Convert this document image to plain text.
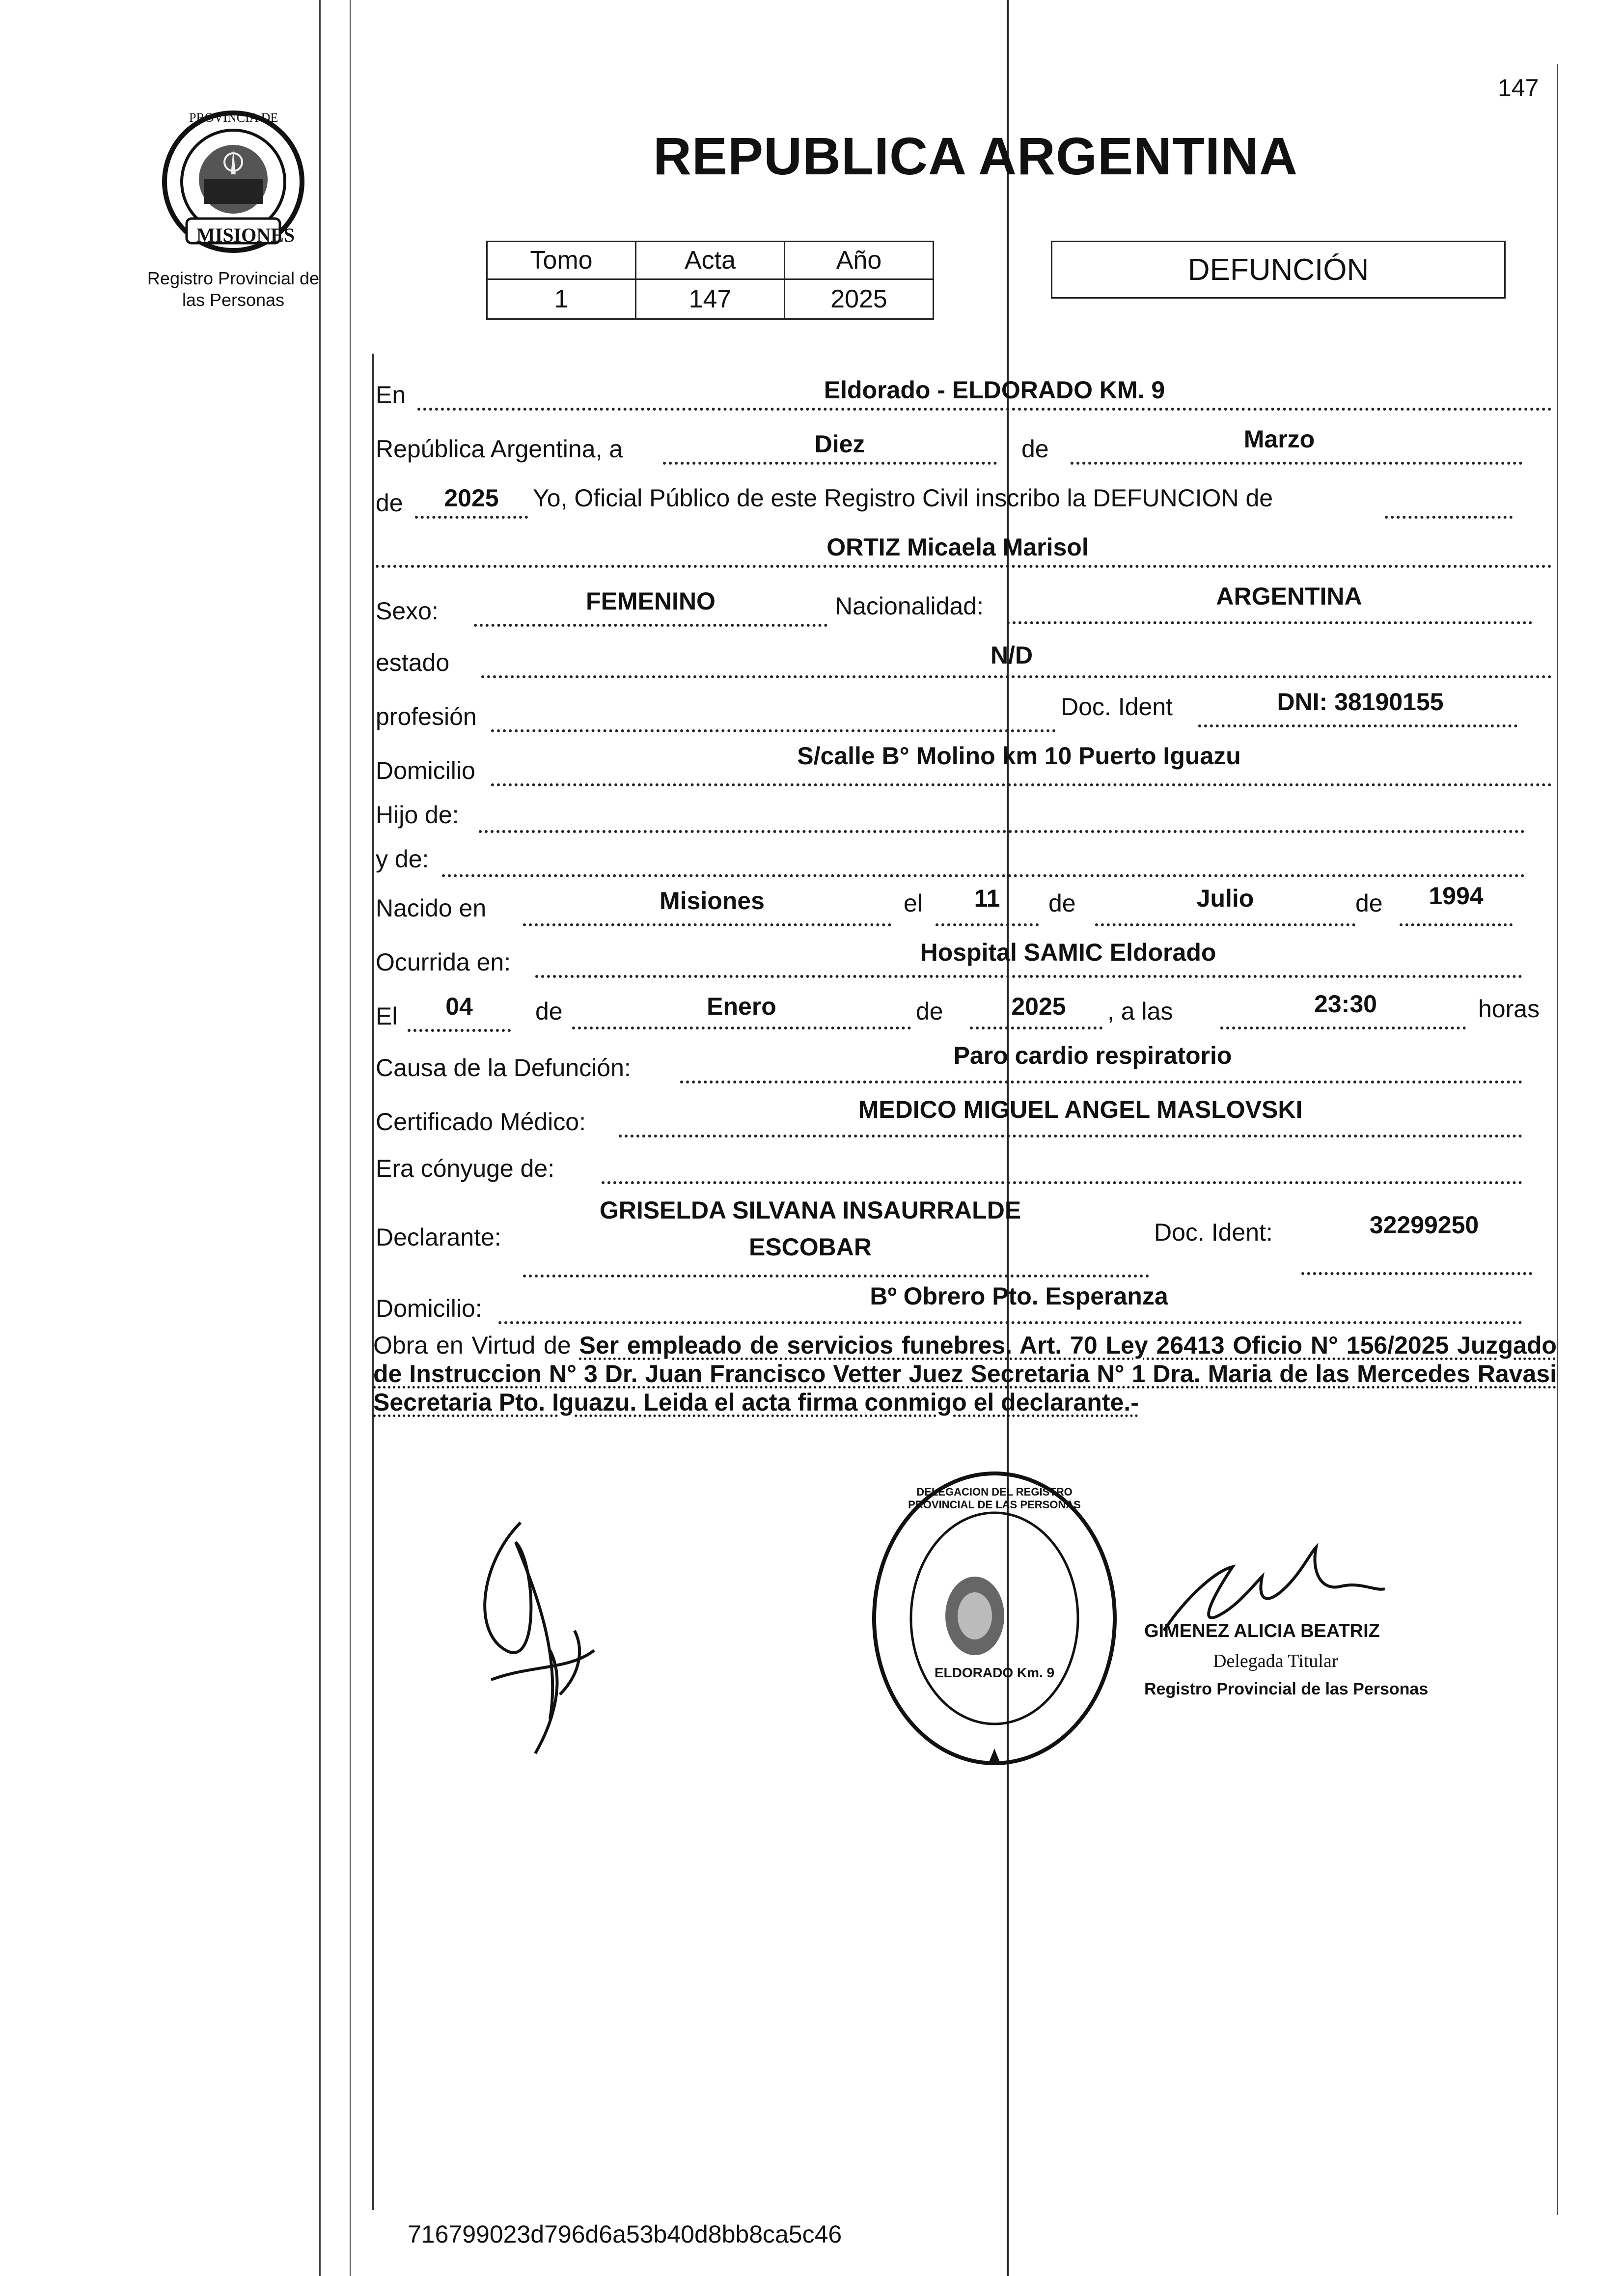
147
PROVINCIA DE
MISIONES
Registro Provincial de
las Personas
REPUBLICA ARGENTINA
Tomo	Acta	Año
1	147	2025
DEFUNCIÓN
En	Eldorado - ELDORADO KM. 9
República Argentina, a	Diez	de	Marzo
de	2025	Yo, Oficial Público de este Registro Civil inscribo la DEFUNCION de
ORTIZ Micaela Marisol
Sexo:	FEMENINO	Nacionalidad:	ARGENTINA
estado	N/D
profesión	Doc. Ident	DNI: 38190155
Domicilio
S/calle B° Molino km 10 Puerto Iguazu
Hijo de:
y de:
Nacido en	Misiones	el	11	de	Julio	de	1994
Ocurrida en:	Hospital SAMIC Eldorado
El	04	de	Enero	de	2025	, a las	23:30	horas
Causa de la Defunción:	Paro cardio respiratorio
Certificado Médico:	MEDICO MIGUEL ANGEL MASLOVSKI
Era cónyuge de:
Declarante:
GRISELDA SILVANA INSAURRALDE
ESCOBAR
Doc. Ident:	32299250
Domicilio:	Bº Obrero Pto. Esperanza
Obra en Virtud de Ser empleado de servicios funebres. Art. 70 Ley 26413 Oficio N° 156/2025 Juzgado de Instruccion N° 3 Dr. Juan Francisco Vetter Juez Secretaria N° 1 Dra. Maria de las Mercedes Ravasi Secretaria Pto. Iguazu. Leida el acta firma conmigo el declarante.-
DELEGACION DEL REGISTRO PROVINCIAL DE LAS PERSONAS
ELDORADO Km. 9
GIMENEZ ALICIA BEATRIZ
Delegada Titular
Registro Provincial de las Personas
716799023d796d6a53b40d8bb8ca5c46
